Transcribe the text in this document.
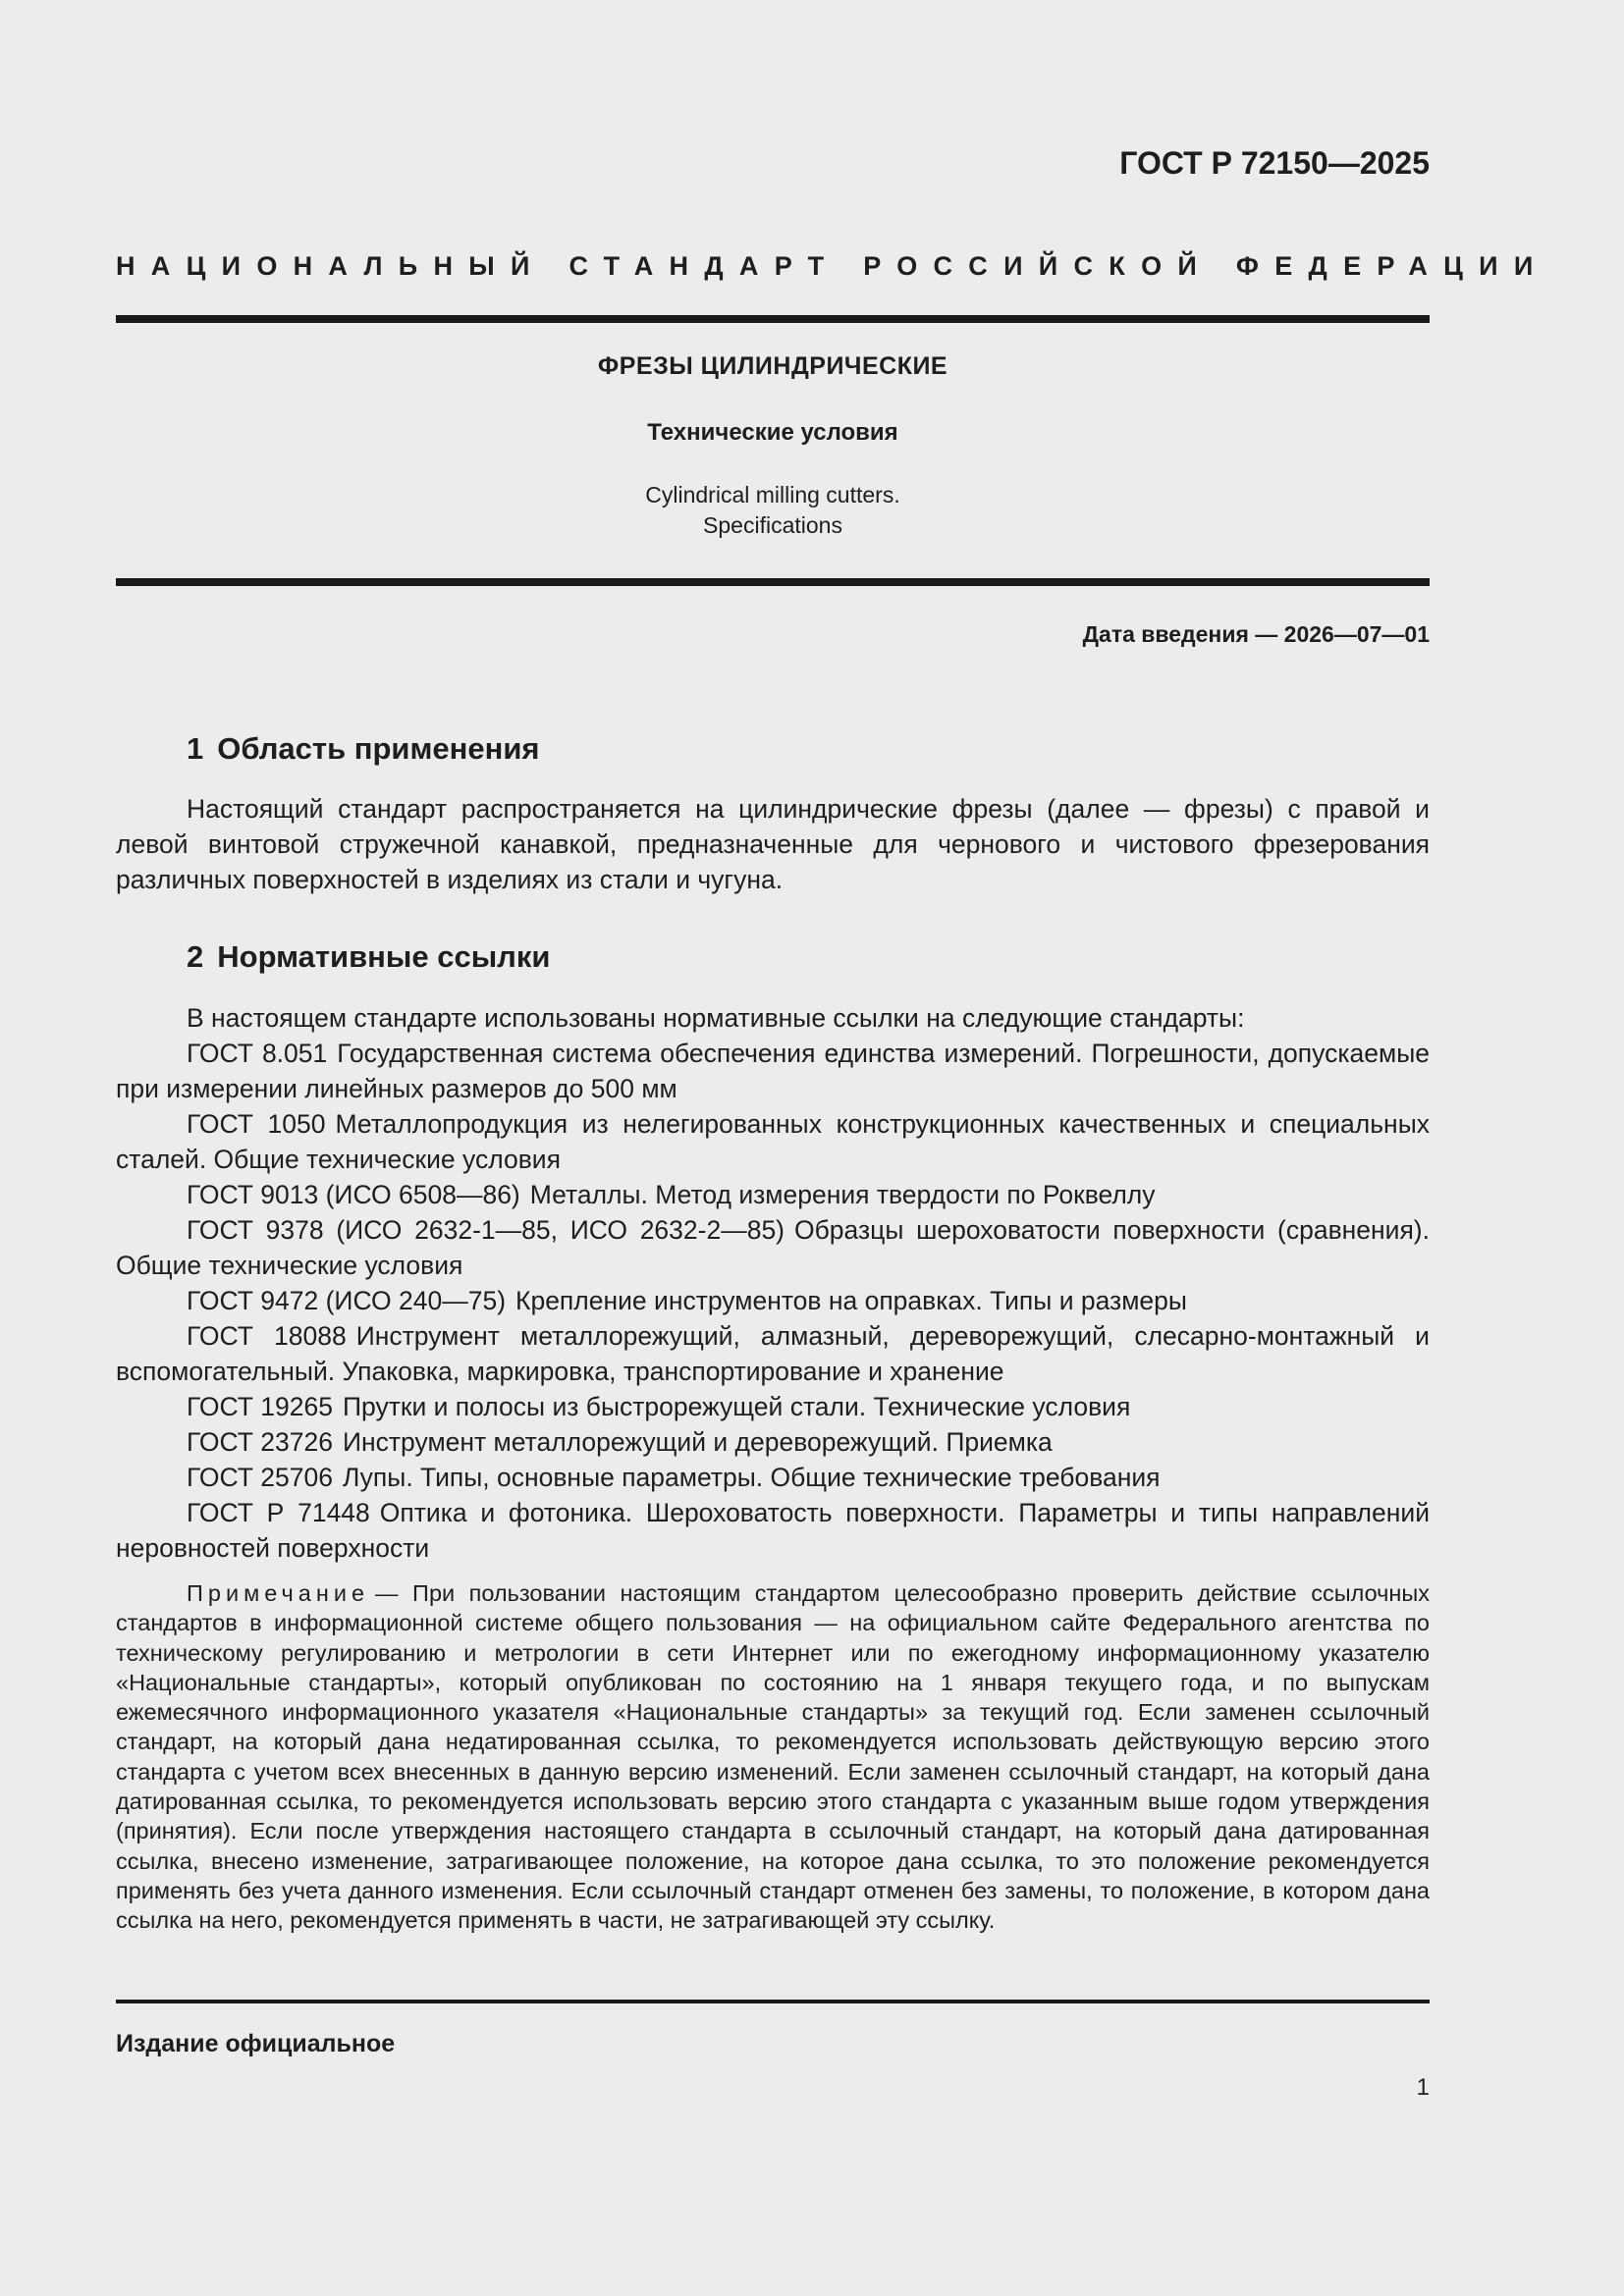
ГОСТ Р 72150—2025
НАЦИОНАЛЬНЫЙ СТАНДАРТ РОССИЙСКОЙ ФЕДЕРАЦИИ
ФРЕЗЫ ЦИЛИНДРИЧЕСКИЕ
Технические условия
Cylindrical milling cutters.
Specifications
Дата введения — 2026—07—01
1 Область применения
Настоящий стандарт распространяется на цилиндрические фрезы (далее — фрезы) с правой и левой винтовой стружечной канавкой, предназначенные для чернового и чистового фрезерования различных поверхностей в изделиях из стали и чугуна.
2 Нормативные ссылки

В настоящем стандарте использованы нормативные ссылки на следующие стандарты:

ГОСТ 8.051 Государственная система обеспечения единства измерений. Погрешности, допускаемые при измерении линейных размеров до 500 мм

ГОСТ 1050 Металлопродукция из нелегированных конструкционных качественных и специальных сталей. Общие технические условия

ГОСТ 9013 (ИСО 6508—86) Металлы. Метод измерения твердости по Роквеллу

ГОСТ 9378 (ИСО 2632-1—85, ИСО 2632-2—85) Образцы шероховатости поверхности (сравнения). Общие технические условия

ГОСТ 9472 (ИСО 240—75) Крепление инструментов на оправках. Типы и размеры

ГОСТ 18088 Инструмент металлорежущий, алмазный, дереворежущий, слесарно-монтажный и вспомогательный. Упаковка, маркировка, транспортирование и хранение

ГОСТ 19265 Прутки и полосы из быстрорежущей стали. Технические условия

ГОСТ 23726 Инструмент металлорежущий и дереворежущий. Приемка

ГОСТ 25706 Лупы. Типы, основные параметры. Общие технические требования

ГОСТ Р 71448 Оптика и фотоника. Шероховатость поверхности. Параметры и типы направлений неровностей поверхности

Примечание — При пользовании настоящим стандартом целесообразно проверить действие ссылочных стандартов в информационной системе общего пользования — на официальном сайте Федерального агентства по техническому регулированию и метрологии в сети Интернет или по ежегодному информационному указателю «Национальные стандарты», который опубликован по состоянию на 1 января текущего года, и по выпускам ежемесячного информационного указателя «Национальные стандарты» за текущий год. Если заменен ссылочный стандарт, на который дана недатированная ссылка, то рекомендуется использовать действующую версию этого стандарта с учетом всех внесенных в данную версию изменений. Если заменен ссылочный стандарт, на который дана датированная ссылка, то рекомендуется использовать версию этого стандарта с указанным выше годом утверждения (принятия). Если после утверждения настоящего стандарта в ссылочный стандарт, на который дана датированная ссылка, внесено изменение, затрагивающее положение, на которое дана ссылка, то это положение рекомендуется применять без учета данного изменения. Если ссылочный стандарт отменен без замены, то положение, в котором дана ссылка на него, рекомендуется применять в части, не затрагивающей эту ссылку.
Издание официальное
1
